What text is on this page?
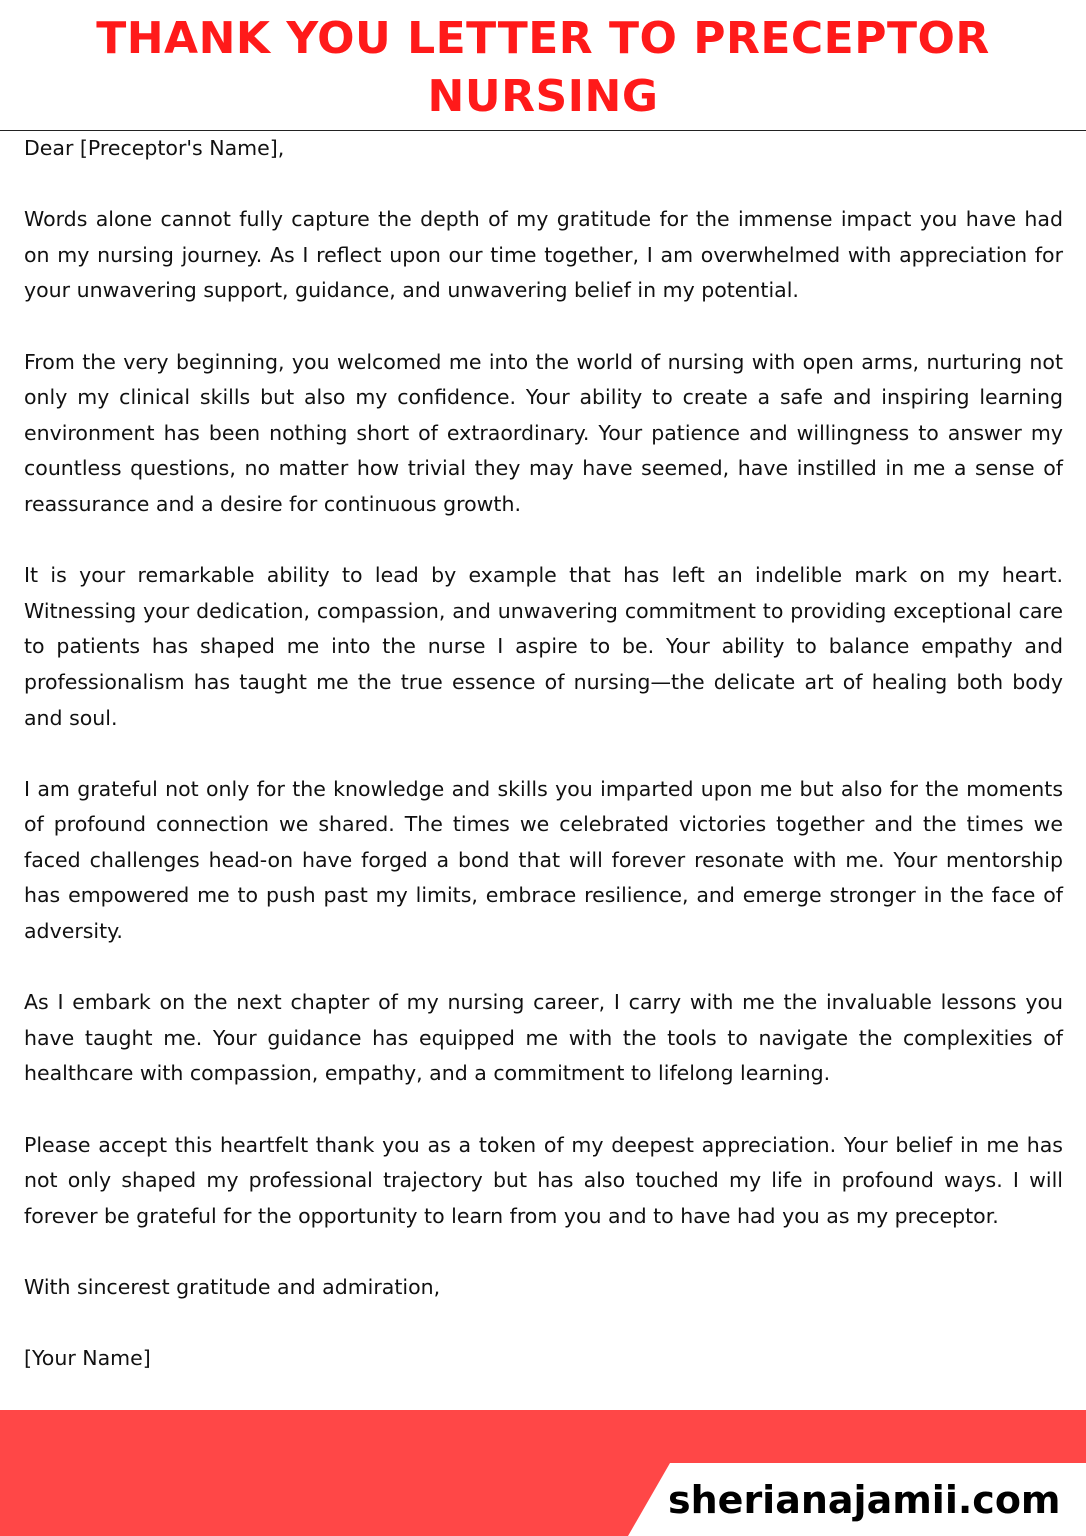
THANK YOU LETTER TO PRECEPTOR NURSING

Dear [Preceptor's Name],

Words alone cannot fully capture the depth of my gratitude for the immense impact you have had on my nursing journey. As I reflect upon our time together, I am overwhelmed with appreciation for your unwavering support, guidance, and unwavering belief in my potential.

From the very beginning, you welcomed me into the world of nursing with open arms, nurturing not only my clinical skills but also my confidence. Your ability to create a safe and inspiring learning environment has been nothing short of extraordinary. Your patience and willingness to answer my countless questions, no matter how trivial they may have seemed, have instilled in me a sense of reassurance and a desire for continuous growth.

It is your remarkable ability to lead by example that has left an indelible mark on my heart. Witnessing your dedication, compassion, and unwavering commitment to providing exceptional care to patients has shaped me into the nurse I aspire to be. Your ability to balance empathy and professionalism has taught me the true essence of nursing—the delicate art of healing both body and soul.

I am grateful not only for the knowledge and skills you imparted upon me but also for the moments of profound connection we shared. The times we celebrated victories together and the times we faced challenges head-on have forged a bond that will forever resonate with me. Your mentorship has empowered me to push past my limits, embrace resilience, and emerge stronger in the face of adversity.

As I embark on the next chapter of my nursing career, I carry with me the invaluable lessons you have taught me. Your guidance has equipped me with the tools to navigate the complexities of healthcare with compassion, empathy, and a commitment to lifelong learning.

Please accept this heartfelt thank you as a token of my deepest appreciation. Your belief in me has not only shaped my professional trajectory but has also touched my life in profound ways. I will forever be grateful for the opportunity to learn from you and to have had you as my preceptor.

With sincerest gratitude and admiration,

[Your Name]

sherianajamii.com
